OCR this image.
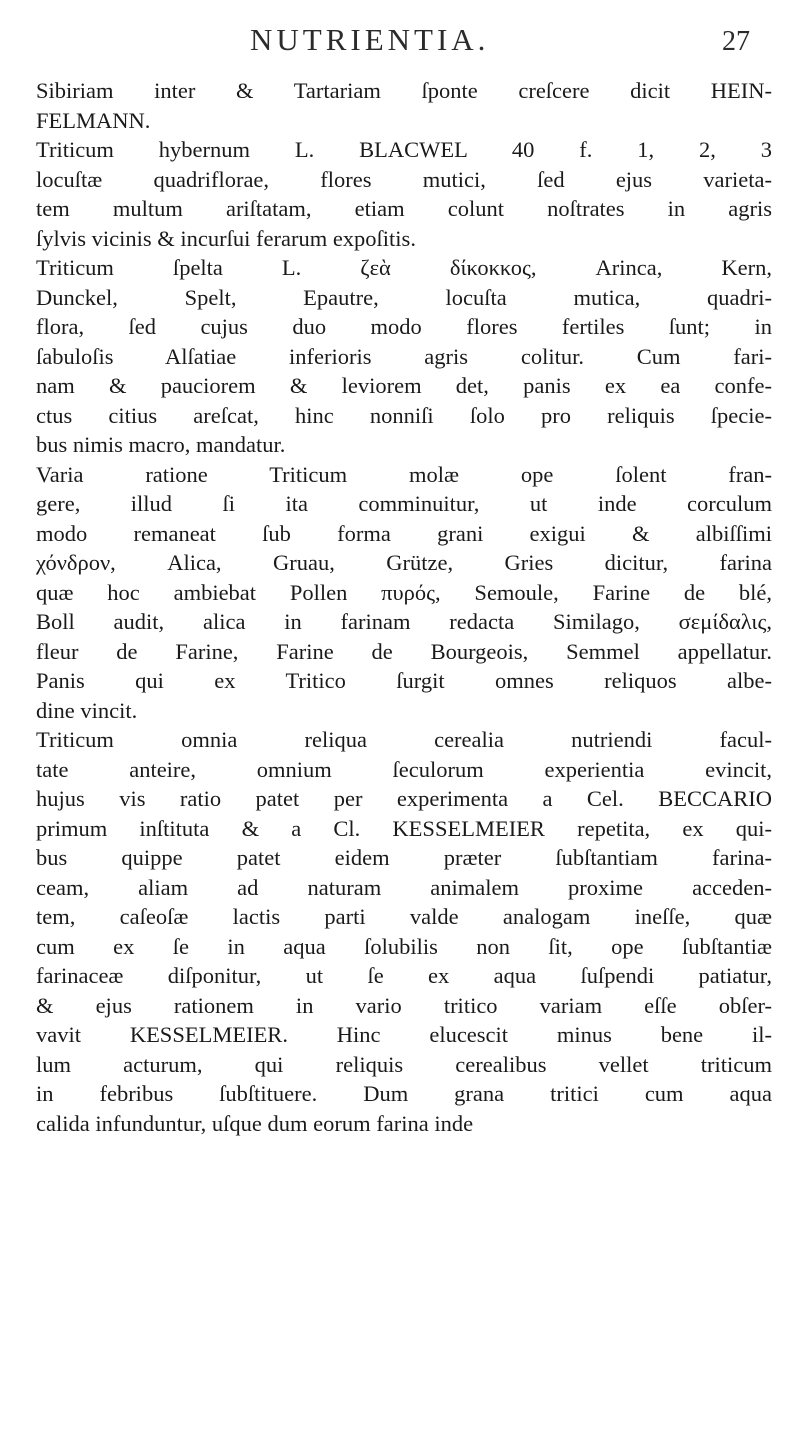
NUTRIENTIA.	27
Sibiriam inter & Tartariam ſponte creſcere dicit HEIN-
FELMANN.
Triticum hybernum L. BLACWEL 40 f. 1, 2, 3
locuſtæ quadriflorae, flores mutici, ſed ejus varieta-
tem multum ariſtatam, etiam colunt noſtrates in agris
ſylvis vicinis & incurſui ferarum expoſitis.
Triticum ſpelta L. ζεὰ δίκοκκος, Arinca, Kern,
Dunckel, Spelt, Epautre, locuſta mutica, quadri-
flora, ſed cujus duo modo flores fertiles ſunt; in
ſabuloſis Alſatiae inferioris agris colitur. Cum fari-
nam & pauciorem & leviorem det, panis ex ea confe-
ctus citius areſcat, hinc nonniſi ſolo pro reliquis ſpecie-
bus nimis macro, mandatur.
Varia ratione Triticum molæ ope ſolent fran-
gere, illud ſi ita comminuitur, ut inde corculum
modo remaneat ſub forma grani exigui & albiſſimi
χόνδρον, Alica, Gruau, Grütze, Gries dicitur, farina
quæ hoc ambiebat Pollen πυρός, Semoule, Farine de blé,
Boll audit, alica in farinam redacta Similago, σεμίδαλις,
fleur de Farine, Farine de Bourgeois, Semmel appellatur.
Panis qui ex Tritico ſurgit omnes reliquos albe-
dine vincit.
Triticum omnia reliqua cerealia nutriendi facul-
tate anteire, omnium ſeculorum experientia evincit,
hujus vis ratio patet per experimenta a Cel. BECCARIO
primum inſtituta & a Cl. KESSELMEIER repetita, ex qui-
bus quippe patet eidem præter ſubſtantiam farina-
ceam, aliam ad naturam animalem proxime acceden-
tem, caſeoſæ lactis parti valde analogam ineſſe, quæ
cum ex ſe in aqua ſolubilis non ſit, ope ſubſtantiæ
farinaceæ diſponitur, ut ſe ex aqua ſuſpendi patiatur,
& ejus rationem in vario tritico variam eſſe obſer-
vavit KESSELMEIER. Hinc elucescit minus bene il-
lum acturum, qui reliquis cerealibus vellet triticum
in febribus ſubſtituere. Dum grana tritici cum aqua
calida infunduntur, uſque dum eorum farina inde
